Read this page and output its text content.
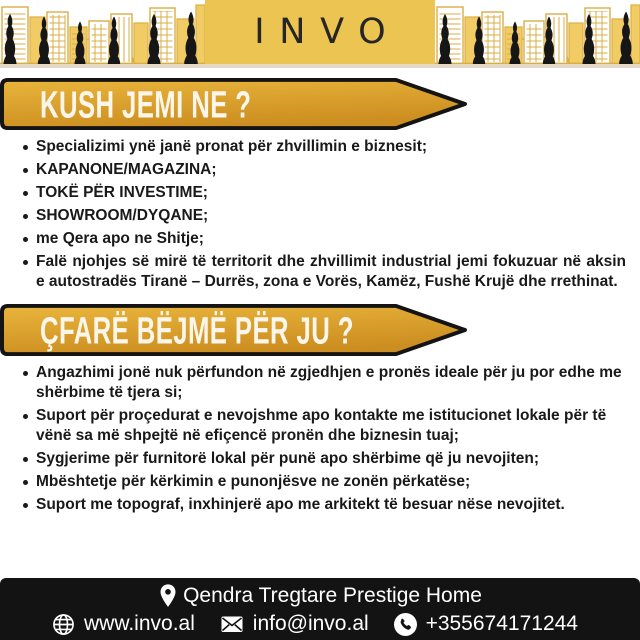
INVO
KUSH JEMI NE ?
Specializimi ynë janë pronat për zhvillimin e biznesit;
KAPANONE/MAGAZINA;
TOKË PËR INVESTIME;
SHOWROOM/DYQANE;
me Qera apo ne Shitje;
Falë njohjes së mirë të territorit dhe zhvillimit industrial jemi fokuzuar në aksin e autostradës Tiranë – Durrës, zona e Vorës, Kamëz, Fushë Krujë dhe rrethinat.
ÇFARË BËJMË PËR JU ?
Angazhimi jonë nuk përfundon në zgjedhjen e pronës ideale për ju por edhe me shërbime të tjera si;
Suport për proçedurat e nevojshme apo kontakte me istitucionet lokale për të vënë sa më shpejtë në efiçencë pronën dhe biznesin tuaj;
Sygjerime për furnitorë lokal për punë apo shërbime që ju nevojiten;
Mbështetje për kërkimin e punonjësve ne zonën përkatëse;
Suport me topograf, inxhinjerë apo me arkitekt të besuar nëse nevojitet.
Qendra Tregtare Prestige Home
www.invo.al	info@invo.al	+355674171244
